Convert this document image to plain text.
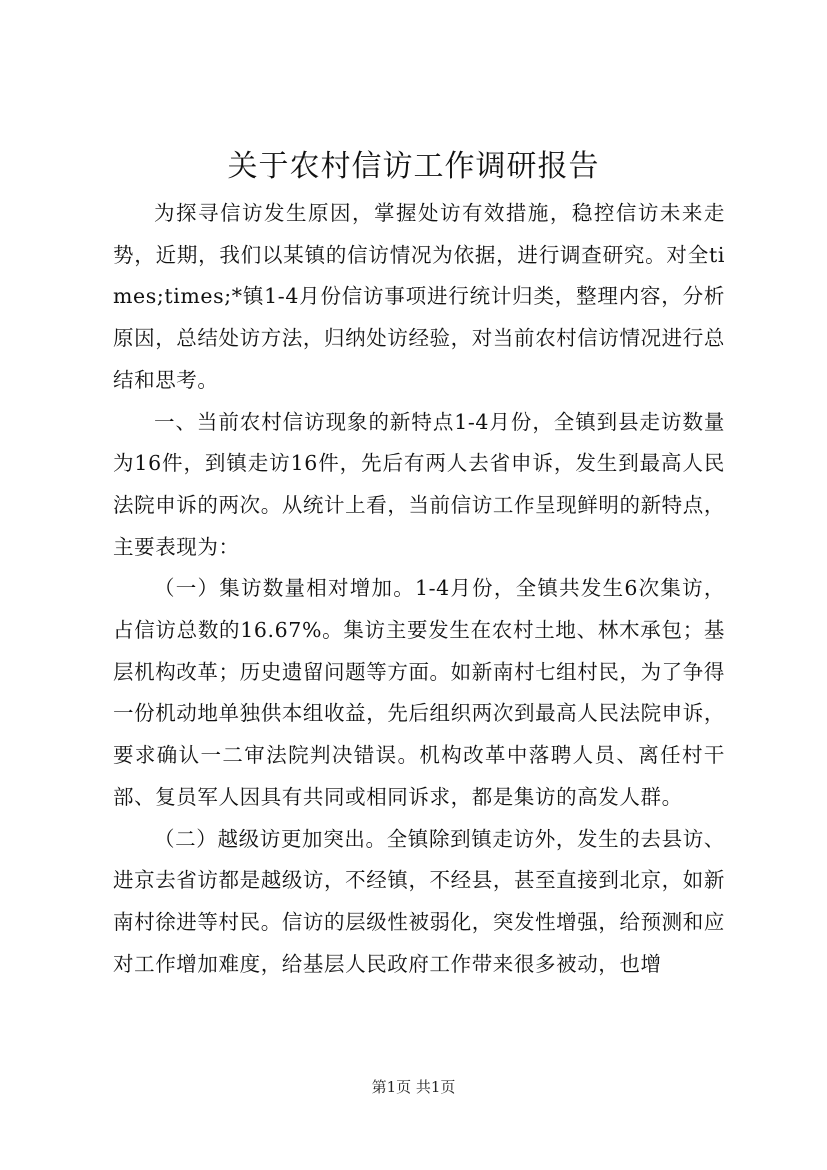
关于农村信访工作调研报告

为探寻信访发生原因，掌握处访有效措施，稳控信访未来走势，近期，我们以某镇的信访情况为依据，进行调查研究。对全times;times;*镇1-4月份信访事项进行统计归类，整理内容，分析原因，总结处访方法，归纳处访经验，对当前农村信访情况进行总结和思考。

一、当前农村信访现象的新特点1-4月份，全镇到县走访数量为16件，到镇走访16件，先后有两人去省申诉，发生到最高人民法院申诉的两次。从统计上看，当前信访工作呈现鲜明的新特点，主要表现为：

（一）集访数量相对增加。1-4月份，全镇共发生6次集访，占信访总数的16.67%。集访主要发生在农村土地、林木承包；基层机构改革；历史遗留问题等方面。如新南村七组村民，为了争得一份机动地单独供本组收益，先后组织两次到最高人民法院申诉，要求确认一二审法院判决错误。机构改革中落聘人员、离任村干部、复员军人因具有共同或相同诉求，都是集访的高发人群。

（二）越级访更加突出。全镇除到镇走访外，发生的去县访、进京去省访都是越级访，不经镇，不经县，甚至直接到北京，如新南村徐进等村民。信访的层级性被弱化，突发性增强，给预测和应对工作增加难度，给基层人民政府工作带来很多被动，也增

第1页 共1页
